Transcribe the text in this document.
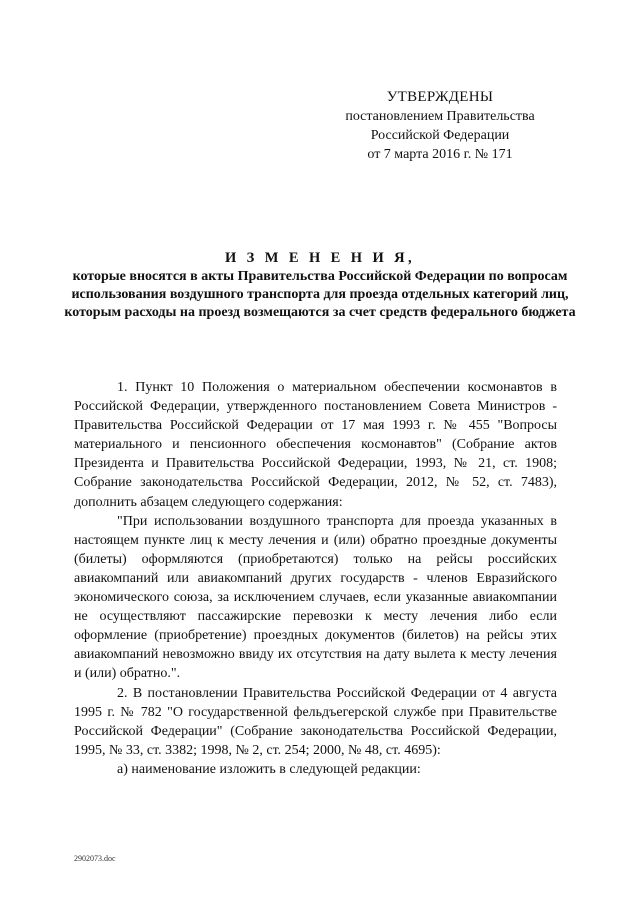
УТВЕРЖДЕНЫ
постановлением Правительства
Российской Федерации
от 7 марта 2016 г. № 171
И З М Е Н Е Н И Я,
которые вносятся в акты Правительства Российской Федерации по вопросам использования воздушного транспорта для проезда отдельных категорий лиц, которым расходы на проезд возмещаются за счет средств федерального бюджета

1. Пункт 10 Положения о материальном обеспечении космонавтов в Российской Федерации, утвержденного постановлением Совета Министров - Правительства Российской Федерации от 17 мая 1993 г. № 455 "Вопросы материального и пенсионного обеспечения космонавтов" (Собрание актов Президента и Правительства Российской Федерации, 1993, № 21, ст. 1908; Собрание законодательства Российской Федерации, 2012, № 52, ст. 7483), дополнить абзацем следующего содержания:

"При использовании воздушного транспорта для проезда указанных в настоящем пункте лиц к месту лечения и (или) обратно проездные документы (билеты) оформляются (приобретаются) только на рейсы российских авиакомпаний или авиакомпаний других государств - членов Евразийского экономического союза, за исключением случаев, если указанные авиакомпании не осуществляют пассажирские перевозки к месту лечения либо если оформление (приобретение) проездных документов (билетов) на рейсы этих авиакомпаний невозможно ввиду их отсутствия на дату вылета к месту лечения и (или) обратно.".

2. В постановлении Правительства Российской Федерации от 4 августа 1995 г. № 782 "О государственной фельдъегерской службе при Правительстве Российской Федерации" (Собрание законодательства Российской Федерации, 1995, № 33, ст. 3382; 1998, № 2, ст. 254; 2000, № 48, ст. 4695):

а) наименование изложить в следующей редакции:

2902073.doc
